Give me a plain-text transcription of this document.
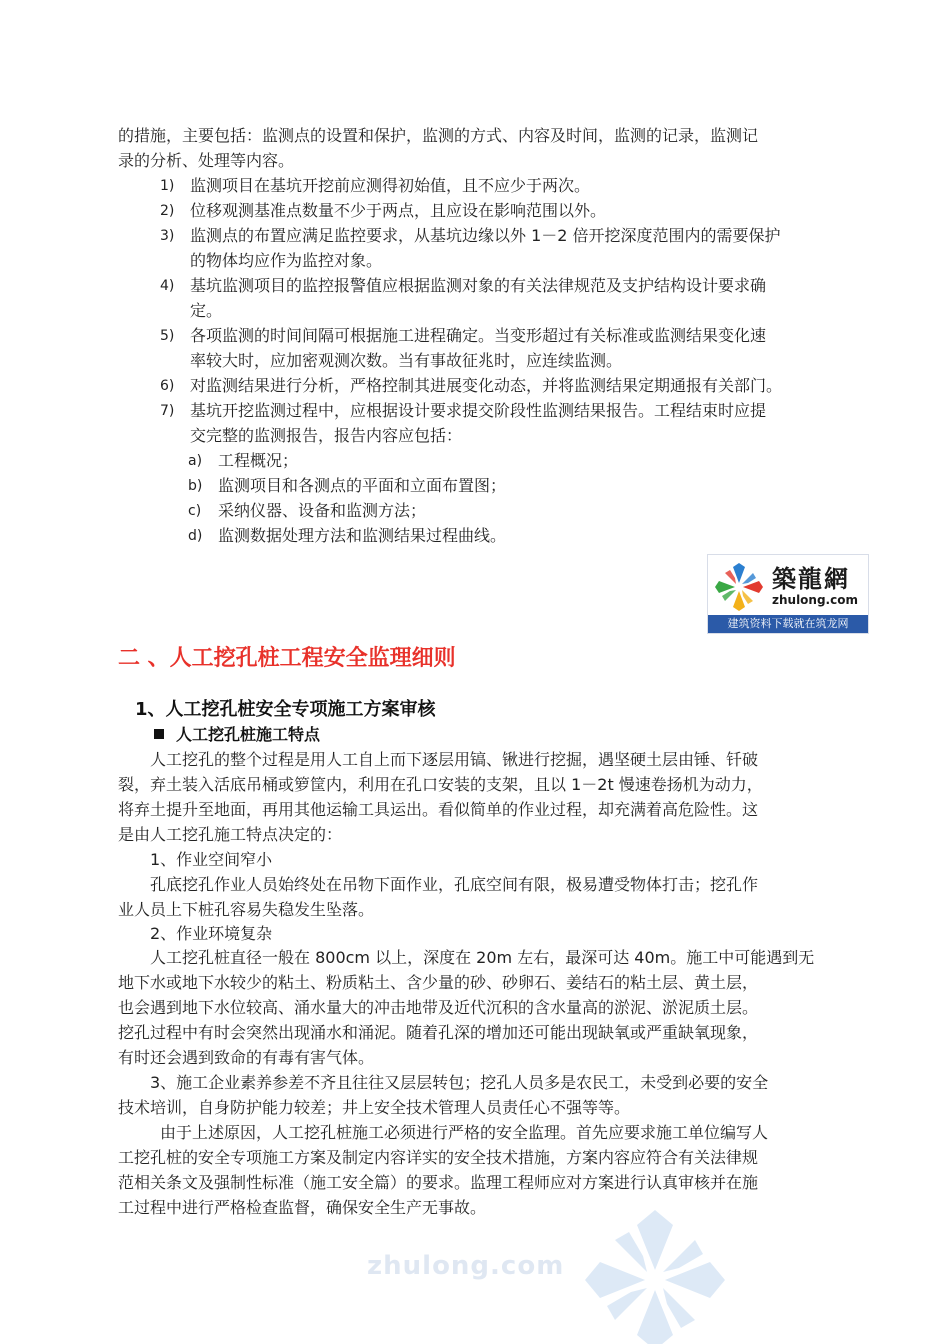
的措施，主要包括：监测点的设置和保护，监测的方式、内容及时间，监测的记录，监测记
录的分析、处理等内容。
1) 监测项目在基坑开挖前应测得初始值，且不应少于两次。
2) 位移观测基准点数量不少于两点，且应设在影响范围以外。
3) 监测点的布置应满足监控要求，从基坑边缘以外 1－2 倍开挖深度范围内的需要保护
的物体均应作为监控对象。
4) 基坑监测项目的监控报警值应根据监测对象的有关法律规范及支护结构设计要求确
定。
5) 各项监测的时间间隔可根据施工进程确定。当变形超过有关标准或监测结果变化速
率较大时，应加密观测次数。当有事故征兆时，应连续监测。
6) 对监测结果进行分析，严格控制其进展变化动态，并将监测结果定期通报有关部门。
7) 基坑开挖监测过程中，应根据设计要求提交阶段性监测结果报告。工程结束时应提
交完整的监测报告，报告内容应包括：
a) 工程概况；
b) 监测项目和各测点的平面和立面布置图；
c) 采纳仪器、设备和监测方法；
d) 监测数据处理方法和监测结果过程曲线。
築龍網
zhulong.com
建筑资料下载就在筑龙网
二 、人工挖孔桩工程安全监理细则
1、人工挖孔桩安全专项施工方案审核
人工挖孔桩施工特点
人工挖孔的整个过程是用人工自上而下逐层用镐、锹进行挖掘，遇坚硬土层由锤、钎破
裂，弃土装入活底吊桶或箩筐内，利用在孔口安装的支架，且以 1－2t 慢速卷扬机为动力，
将弃土提升至地面，再用其他运输工具运出。看似简单的作业过程，却充满着高危险性。这
是由人工挖孔施工特点决定的：
1、作业空间窄小
孔底挖孔作业人员始终处在吊物下面作业，孔底空间有限，极易遭受物体打击；挖孔作
业人员上下桩孔容易失稳发生坠落。
2、作业环境复杂
人工挖孔桩直径一般在 800cm 以上，深度在 20m 左右，最深可达 40m。施工中可能遇到无
地下水或地下水较少的粘土、粉质粘土、含少量的砂、砂卵石、姜结石的粘土层、黄土层，
也会遇到地下水位较高、涌水量大的冲击地带及近代沉积的含水量高的淤泥、淤泥质土层。
挖孔过程中有时会突然出现涌水和涌泥。随着孔深的增加还可能出现缺氧或严重缺氧现象，
有时还会遇到致命的有毒有害气体。
3、施工企业素养参差不齐且往往又层层转包；挖孔人员多是农民工，未受到必要的安全
技术培训，自身防护能力较差；井上安全技术管理人员责任心不强等等。
由于上述原因，人工挖孔桩施工必须进行严格的安全监理。首先应要求施工单位编写人
工挖孔桩的安全专项施工方案及制定内容详实的安全技术措施，方案内容应符合有关法律规
范相关条文及强制性标准（施工安全篇）的要求。监理工程师应对方案进行认真审核并在施
工过程中进行严格检查监督，确保安全生产无事故。
zhulong.com
